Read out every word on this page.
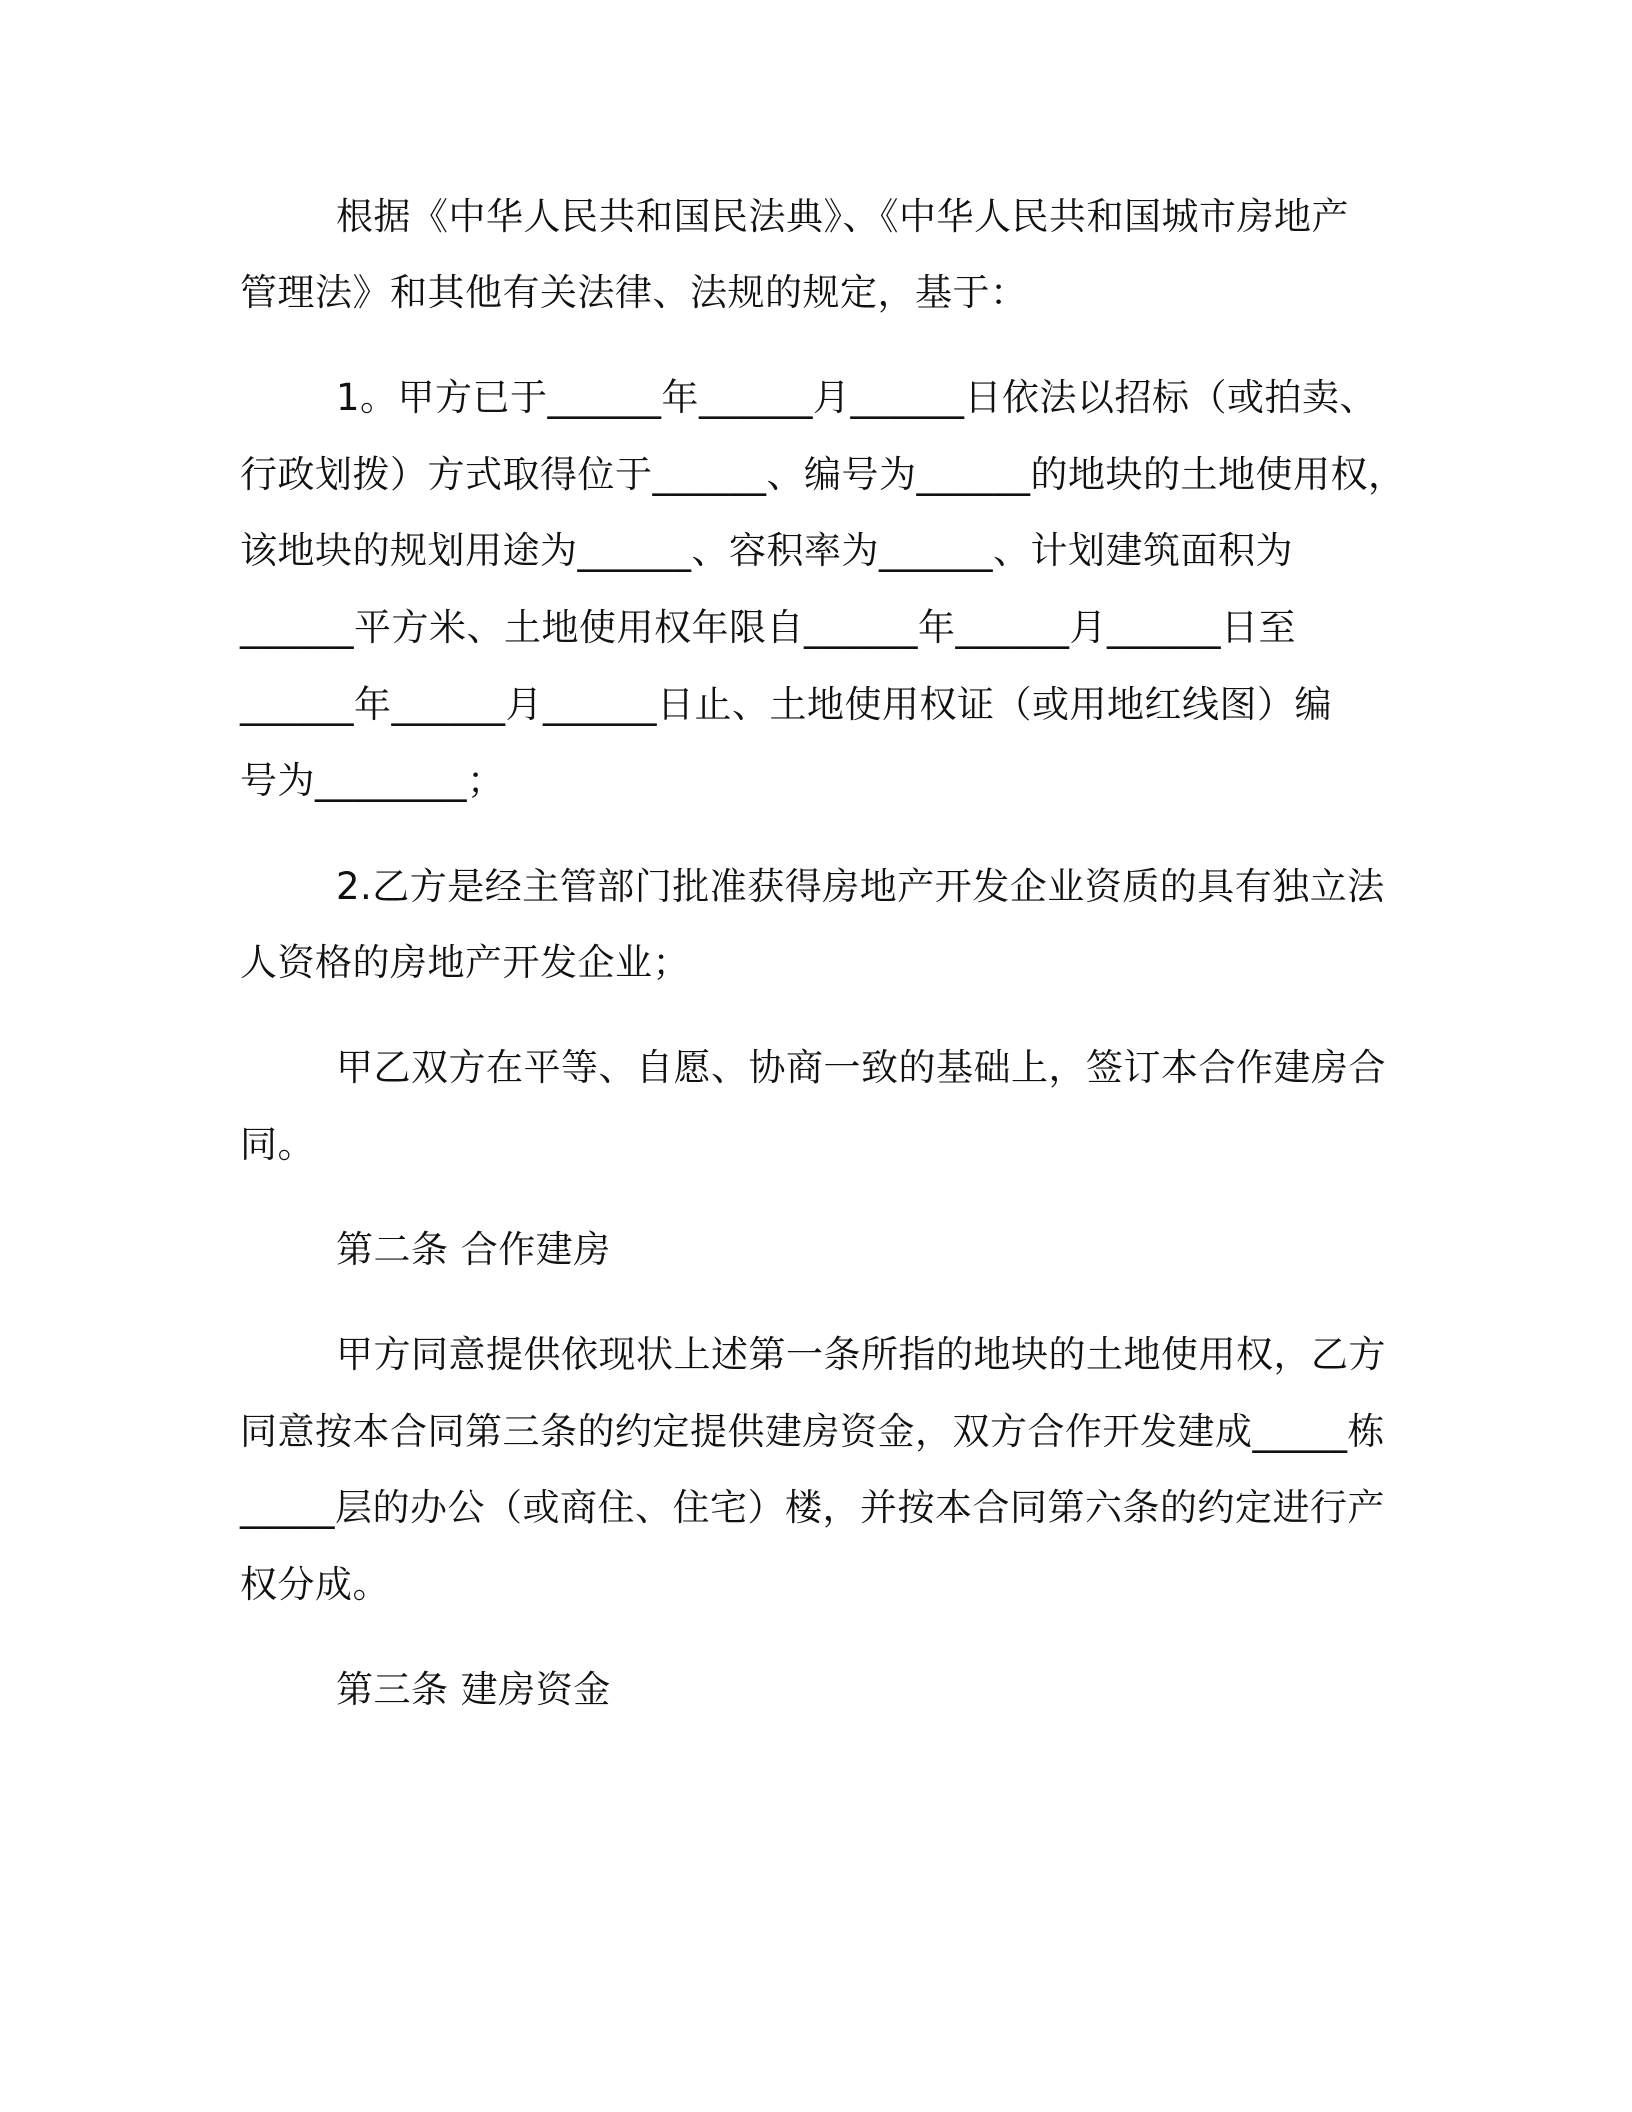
根据《中华人民共和国民法典》、《中华人民共和国城市房地产

管理法》和其他有关法律、法规的规定，基于：

1。甲方已于______年______月______日依法以招标（或拍卖、

行政划拨）方式取得位于______、编号为______的地块的土地使用权，

该地块的规划用途为______、容积率为______、计划建筑面积为

______平方米、土地使用权年限自______年______月______日至

______年______月______日止、土地使用权证（或用地红线图）编

号为________；

2.乙方是经主管部门批准获得房地产开发企业资质的具有独立法

人资格的房地产开发企业；

甲乙双方在平等、自愿、协商一致的基础上，签订本合作建房合

同。

第二条 合作建房

甲方同意提供依现状上述第一条所指的地块的土地使用权，乙方

同意按本合同第三条的约定提供建房资金，双方合作开发建成_____栋

_____层的办公（或商住、住宅）楼，并按本合同第六条的约定进行产

权分成。

第三条 建房资金
